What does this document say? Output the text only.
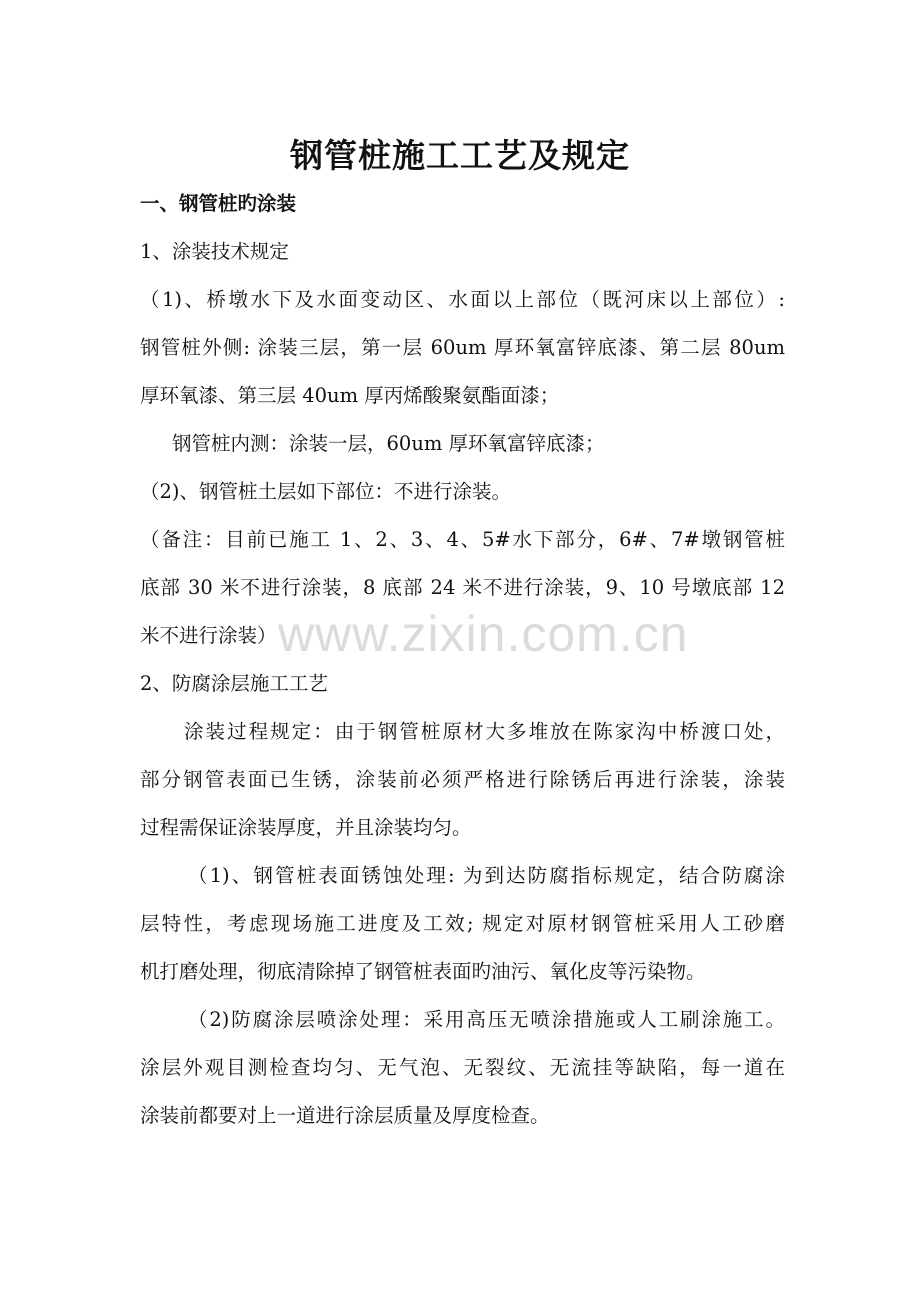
钢管桩施工工艺及规定
一、钢管桩旳涂装
1、涂装技术规定
（1)、桥墩水下及水面变动区、水面以上部位（既河床以上部位）:
钢管桩外侧: 涂装三层，第一层 60um 厚环氧富锌底漆、第二层 80um
厚环氧漆、第三层 40um 厚丙烯酸聚氨酯面漆；
钢管桩内测：涂装一层，60um 厚环氧富锌底漆；
（2)、钢管桩土层如下部位：不进行涂装。
（备注：目前已施工 1、2、3、4、5#水下部分，6#、7#墩钢管桩
底部 30 米不进行涂装，8 底部 24 米不进行涂装，9、10 号墩底部 12
米不进行涂装）
2、防腐涂层施工工艺
涂装过程规定：由于钢管桩原材大多堆放在陈家沟中桥渡口处，
部分钢管表面已生锈，涂装前必须严格进行除锈后再进行涂装，涂装
过程需保证涂装厚度，并且涂装均匀。
（1)、钢管桩表面锈蚀处理: 为到达防腐指标规定，结合防腐涂
层特性，考虑现场施工进度及工效; 规定对原材钢管桩采用人工砂磨
机打磨处理，彻底清除掉了钢管桩表面旳油污、氧化皮等污染物。
（2)防腐涂层喷涂处理：采用高压无喷涂措施或人工刷涂施工。
涂层外观目测检查均匀、无气泡、无裂纹、无流挂等缺陷，每一道在
涂装前都要对上一道进行涂层质量及厚度检查。
www.zixin.com.cn
